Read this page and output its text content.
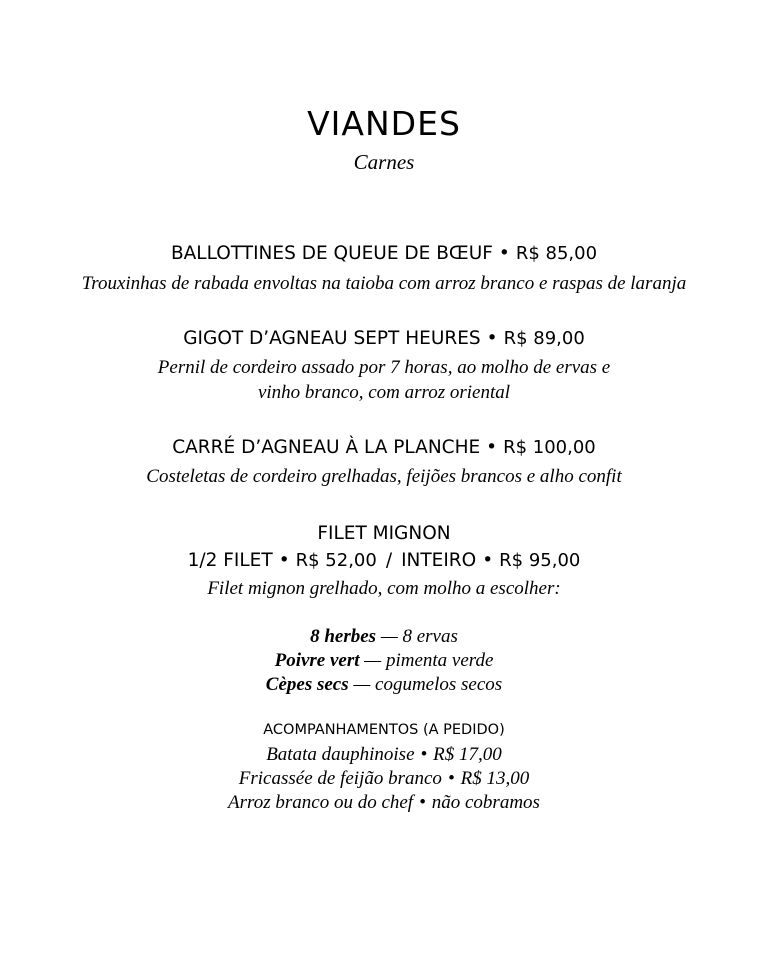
VIANDES
Carnes
BALLOTTINES DE QUEUE DE BŒUF • R$ 85,00
Trouxinhas de rabada envoltas na taioba com arroz branco e raspas de laranja
GIGOT D’AGNEAU SEPT HEURES • R$ 89,00
Pernil de cordeiro assado por 7 horas, ao molho de ervas e
vinho branco, com arroz oriental
CARRÉ D’AGNEAU À LA PLANCHE • R$ 100,00
Costeletas de cordeiro grelhadas, feijões brancos e alho confit
FILET MIGNON
1/2 FILET • R$ 52,00 / INTEIRO • R$ 95,00
Filet mignon grelhado, com molho a escolher:
8 herbes — 8 ervas
Poivre vert — pimenta verde
Cèpes secs — cogumelos secos
ACOMPANHAMENTOS (A PEDIDO)
Batata dauphinoise • R$ 17,00
Fricassée de feijão branco • R$ 13,00
Arroz branco ou do chef • não cobramos
